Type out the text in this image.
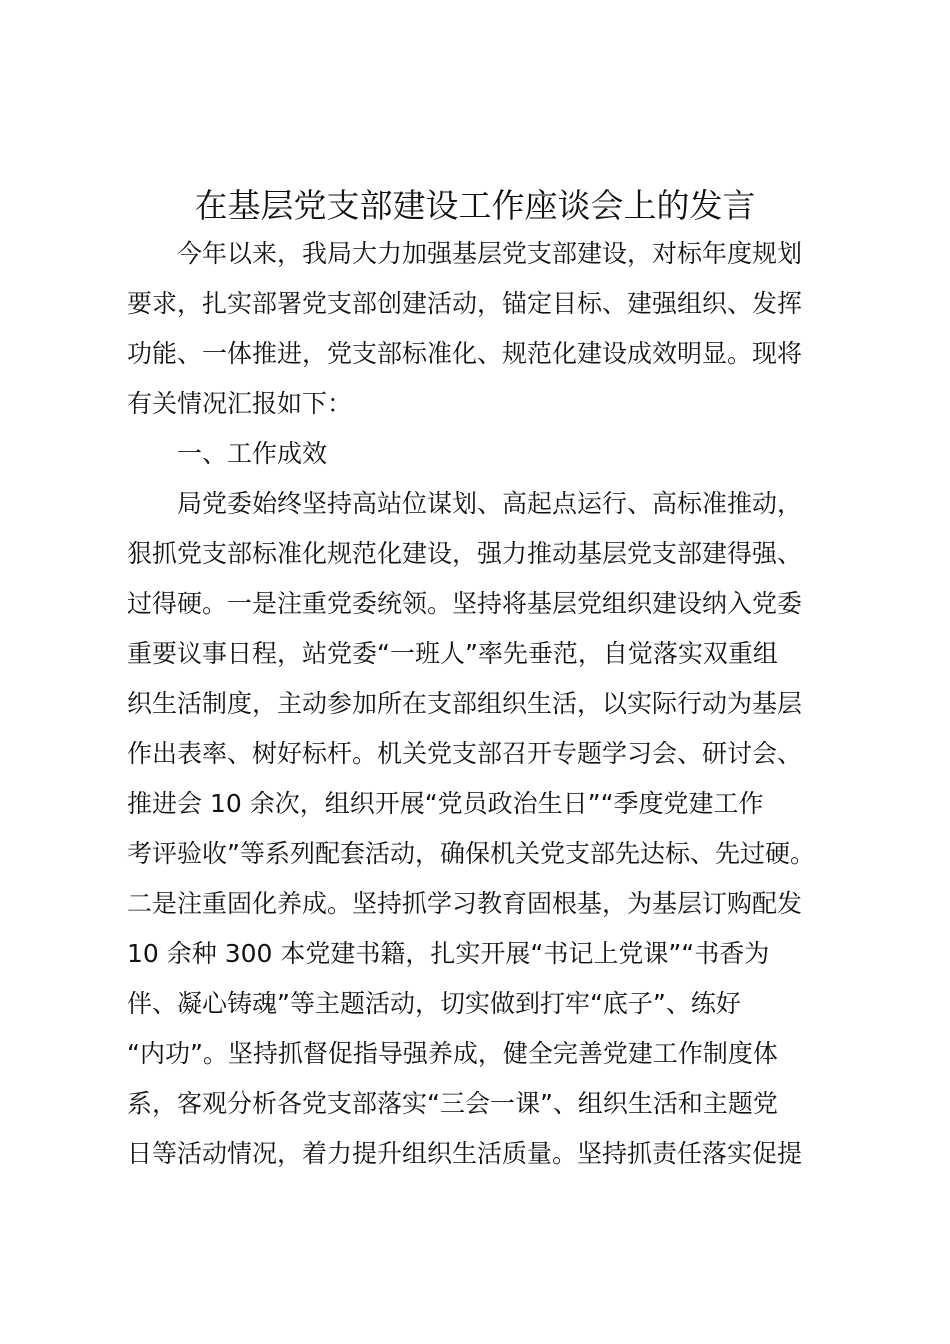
在基层党支部建设工作座谈会上的发言

今年以来，我局大力加强基层党支部建设，对标年度规划

要求，扎实部署党支部创建活动，锚定目标、建强组织、发挥

功能、一体推进，党支部标准化、规范化建设成效明显。现将

有关情况汇报如下：

一、工作成效

局党委始终坚持高站位谋划、高起点运行、高标准推动，

狠抓党支部标准化规范化建设，强力推动基层党支部建得强、

过得硬。一是注重党委统领。坚持将基层党组织建设纳入党委

重要议事日程，站党委“一班人”率先垂范，自觉落实双重组

织生活制度，主动参加所在支部组织生活，以实际行动为基层

作出表率、树好标杆。机关党支部召开专题学习会、研讨会、

推进会 10 余次，组织开展“党员政治生日”“季度党建工作

考评验收”等系列配套活动，确保机关党支部先达标、先过硬。

二是注重固化养成。坚持抓学习教育固根基，为基层订购配发

10 余种 300 本党建书籍，扎实开展“书记上党课”“书香为

伴、凝心铸魂”等主题活动，切实做到打牢“底子”、练好

“内功”。坚持抓督促指导强养成，健全完善党建工作制度体

系，客观分析各党支部落实“三会一课”、组织生活和主题党

日等活动情况，着力提升组织生活质量。坚持抓责任落实促提
